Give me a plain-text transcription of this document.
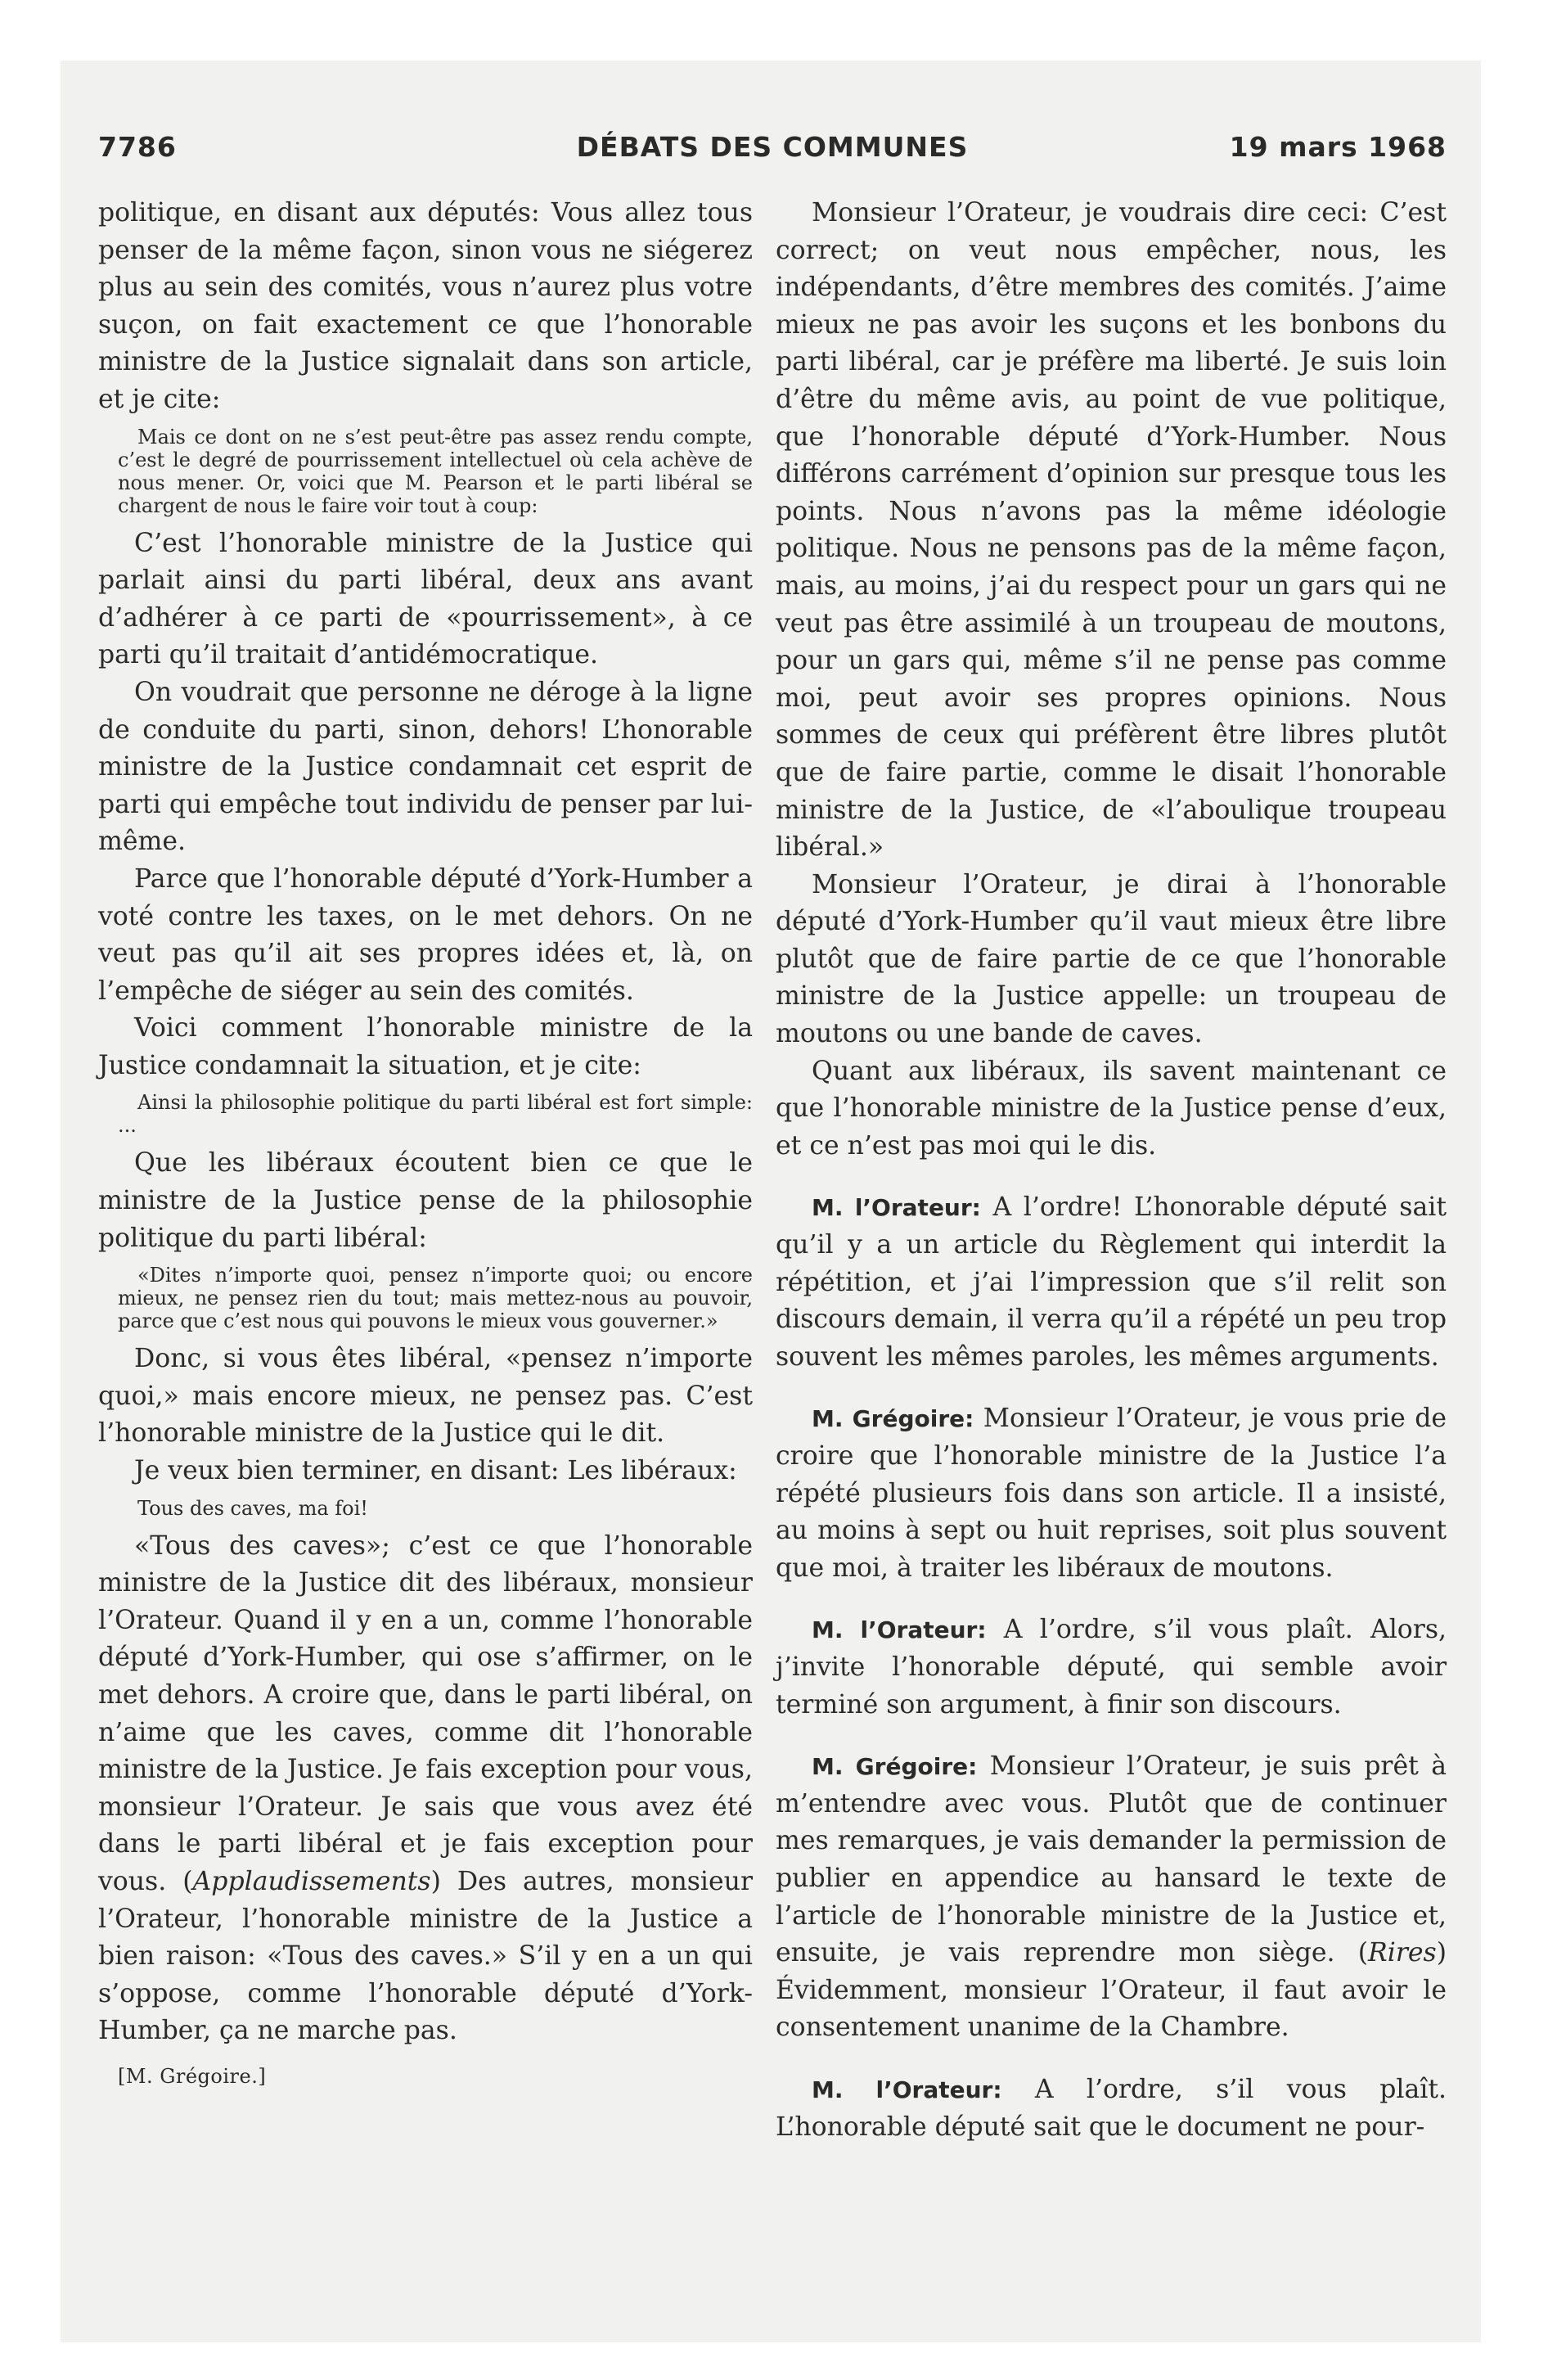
7786	DÉBATS DES COMMUNES	19 mars 1968

politique, en disant aux députés: Vous allez tous penser de la même façon, sinon vous ne siégerez plus au sein des comités, vous n’aurez plus votre suçon, on fait exactement ce que l’honorable ministre de la Justice signalait dans son article, et je cite:

Mais ce dont on ne s’est peut-être pas assez rendu compte, c’est le degré de pourrissement intellectuel où cela achève de nous mener. Or, voici que M. Pearson et le parti libéral se chargent de nous le faire voir tout à coup:

C’est l’honorable ministre de la Justice qui parlait ainsi du parti libéral, deux ans avant d’adhérer à ce parti de «pourrissement», à ce parti qu’il traitait d’antidémocratique.

On voudrait que personne ne déroge à la ligne de conduite du parti, sinon, dehors! L’honorable ministre de la Justice condamnait cet esprit de parti qui empêche tout individu de penser par lui-même.

Parce que l’honorable député d’York-Humber a voté contre les taxes, on le met dehors. On ne veut pas qu’il ait ses propres idées et, là, on l’empêche de siéger au sein des comités.

Voici comment l’honorable ministre de la Justice condamnait la situation, et je cite:

Ainsi la philosophie politique du parti libéral est fort simple: ...

Que les libéraux écoutent bien ce que le ministre de la Justice pense de la philosophie politique du parti libéral:

«Dites n’importe quoi, pensez n’importe quoi; ou encore mieux, ne pensez rien du tout; mais mettez-nous au pouvoir, parce que c’est nous qui pouvons le mieux vous gouverner.»

Donc, si vous êtes libéral, «pensez n’importe quoi,» mais encore mieux, ne pensez pas. C’est l’honorable ministre de la Justice qui le dit.

Je veux bien terminer, en disant: Les libéraux:

Tous des caves, ma foi!

«Tous des caves»; c’est ce que l’honorable ministre de la Justice dit des libéraux, monsieur l’Orateur. Quand il y en a un, comme l’honorable député d’York-Humber, qui ose s’affirmer, on le met dehors. A croire que, dans le parti libéral, on n’aime que les caves, comme dit l’honorable ministre de la Justice. Je fais exception pour vous, monsieur l’Orateur. Je sais que vous avez été dans le parti libéral et je fais exception pour vous. (Applaudissements) Des autres, monsieur l’Orateur, l’honorable ministre de la Justice a bien raison: «Tous des caves.» S’il y en a un qui s’oppose, comme l’honorable député d’York-Humber, ça ne marche pas.

[M. Grégoire.]

Monsieur l’Orateur, je voudrais dire ceci: C’est correct; on veut nous empêcher, nous, les indépendants, d’être membres des comités. J’aime mieux ne pas avoir les suçons et les bonbons du parti libéral, car je préfère ma liberté. Je suis loin d’être du même avis, au point de vue politique, que l’honorable député d’York-Humber. Nous différons carrément d’opinion sur presque tous les points. Nous n’avons pas la même idéologie politique. Nous ne pensons pas de la même façon, mais, au moins, j’ai du respect pour un gars qui ne veut pas être assimilé à un troupeau de moutons, pour un gars qui, même s’il ne pense pas comme moi, peut avoir ses propres opinions. Nous sommes de ceux qui préfèrent être libres plutôt que de faire partie, comme le disait l’honorable ministre de la Justice, de «l’aboulique troupeau libéral.»

Monsieur l’Orateur, je dirai à l’honorable député d’York-Humber qu’il vaut mieux être libre plutôt que de faire partie de ce que l’honorable ministre de la Justice appelle: un troupeau de moutons ou une bande de caves.

Quant aux libéraux, ils savent maintenant ce que l’honorable ministre de la Justice pense d’eux, et ce n’est pas moi qui le dis.

M. l’Orateur: A l’ordre! L’honorable député sait qu’il y a un article du Règlement qui interdit la répétition, et j’ai l’impression que s’il relit son discours demain, il verra qu’il a répété un peu trop souvent les mêmes paroles, les mêmes arguments.

M. Grégoire: Monsieur l’Orateur, je vous prie de croire que l’honorable ministre de la Justice l’a répété plusieurs fois dans son article. Il a insisté, au moins à sept ou huit reprises, soit plus souvent que moi, à traiter les libéraux de moutons.

M. l’Orateur: A l’ordre, s’il vous plaît. Alors, j’invite l’honorable député, qui semble avoir terminé son argument, à finir son discours.

M. Grégoire: Monsieur l’Orateur, je suis prêt à m’entendre avec vous. Plutôt que de continuer mes remarques, je vais demander la permission de publier en appendice au hansard le texte de l’article de l’honorable ministre de la Justice et, ensuite, je vais reprendre mon siège. (Rires) Évidemment, monsieur l’Orateur, il faut avoir le consentement unanime de la Chambre.

M. l’Orateur: A l’ordre, s’il vous plaît. L’honorable député sait que le document ne pour-
